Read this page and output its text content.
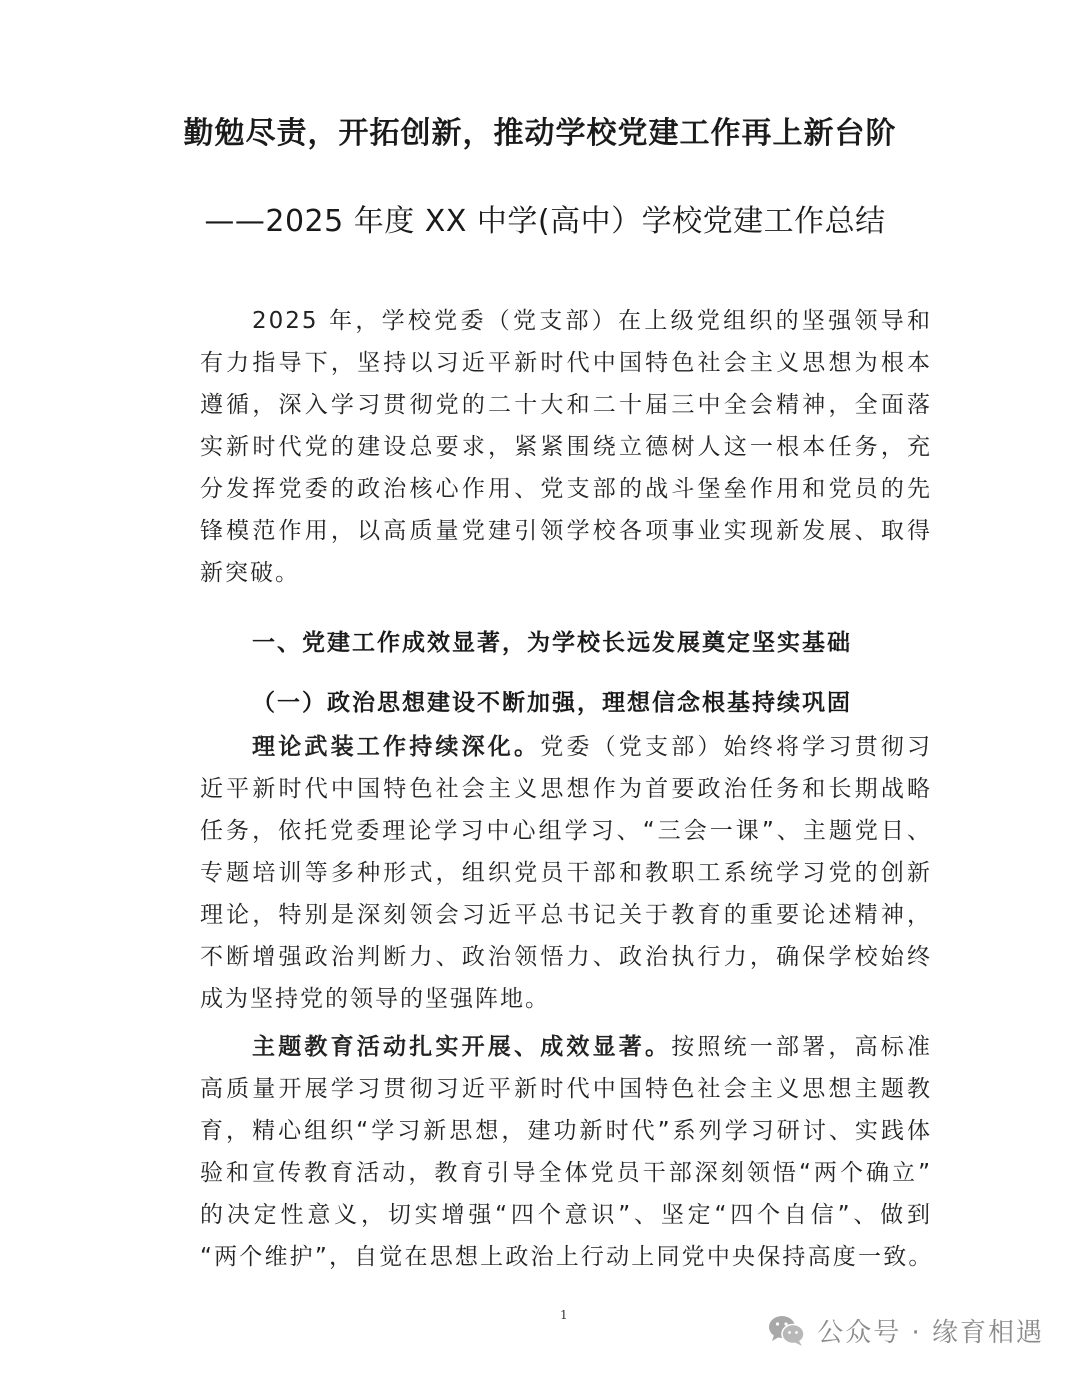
勤勉尽责，开拓创新，推动学校党建工作再上新台阶
——2025 年度 XX 中学(高中）学校党建工作总结
2025 年，学校党委（党支部）在上级党组织的坚强领导和
有力指导下，坚持以习近平新时代中国特色社会主义思想为根本
遵循，深入学习贯彻党的二十大和二十届三中全会精神，全面落
实新时代党的建设总要求，紧紧围绕立德树人这一根本任务，充
分发挥党委的政治核心作用、党支部的战斗堡垒作用和党员的先
锋模范作用，以高质量党建引领学校各项事业实现新发展、取得
新突破。
一、党建工作成效显著，为学校长远发展奠定坚实基础
（一）政治思想建设不断加强，理想信念根基持续巩固
理论武装工作持续深化。党委（党支部）始终将学习贯彻习
近平新时代中国特色社会主义思想作为首要政治任务和长期战略
任务，依托党委理论学习中心组学习、“三会一课”、主题党日、
专题培训等多种形式，组织党员干部和教职工系统学习党的创新
理论，特别是深刻领会习近平总书记关于教育的重要论述精神，
不断增强政治判断力、政治领悟力、政治执行力，确保学校始终
成为坚持党的领导的坚强阵地。
主题教育活动扎实开展、成效显著。按照统一部署，高标准
高质量开展学习贯彻习近平新时代中国特色社会主义思想主题教
育，精心组织“学习新思想，建功新时代”系列学习研讨、实践体
验和宣传教育活动，教育引导全体党员干部深刻领悟“两个确立”
的决定性意义，切实增强“四个意识”、坚定“四个自信”、做到
“两个维护”，自觉在思想上政治上行动上同党中央保持高度一致。
1
公众号 · 缘育相遇
